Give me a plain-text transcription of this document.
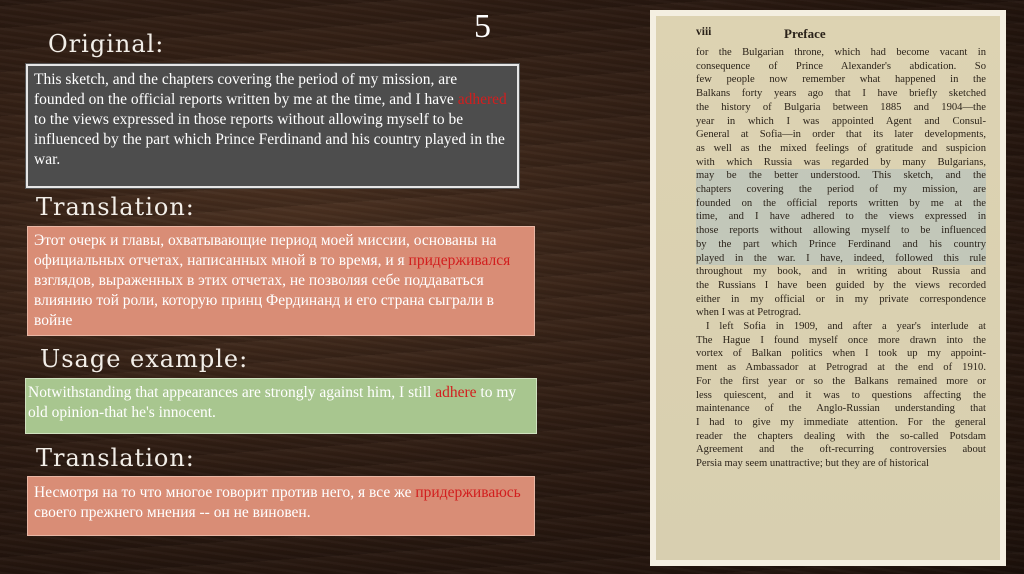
5
Original:
This sketch, and the chapters covering the period of my mission, are founded on the official reports written by me at the time, and I have adhered to the views expressed in those reports without allowing myself to be influenced by the part which Prince Ferdinand and his country played in the war.
Translation:
Этот очерк и главы, охватывающие период моей миссии, основаны на официальных отчетах, написанных мной в то время, и я придерживался взглядов, выраженных в этих отчетах, не позволяя себе поддаваться влиянию той роли, которую принц Фердинанд и его страна сыграли в войне
Usage example:
Notwithstanding that appearances are strongly against him, I still adhere to my old opinion-that he's innocent.
Translation:
Несмотря на то что многое говорит против него, я все же придерживаюсь своего прежнего мнения -- он не виновен.
viii	Preface
for the Bulgarian throne, which had become vacant in
consequence of Prince Alexander's abdication. So
few people now remember what happened in the
Balkans forty years ago that I have briefly sketched
the history of Bulgaria between 1885 and 1904—the
year in which I was appointed Agent and Consul-
General at Sofia—in order that its later developments,
as well as the mixed feelings of gratitude and suspicion
with which Russia was regarded by many Bulgarians,
may be the better understood. This sketch, and the
chapters covering the period of my mission, are
founded on the official reports written by me at the
time, and I have adhered to the views expressed in
those reports without allowing myself to be influenced
by the part which Prince Ferdinand and his country
played in the war. I have, indeed, followed this rule
throughout my book, and in writing about Russia and
the Russians I have been guided by the views recorded
either in my official or in my private correspondence
when I was at Petrograd.
I left Sofia in 1909, and after a year's interlude at
The Hague I found myself once more drawn into the
vortex of Balkan politics when I took up my appoint-
ment as Ambassador at Petrograd at the end of 1910.
For the first year or so the Balkans remained more or
less quiescent, and it was to questions affecting the
maintenance of the Anglo-Russian understanding that
I had to give my immediate attention. For the general
reader the chapters dealing with the so-called Potsdam
Agreement and the oft-recurring controversies about
Persia may seem unattractive; but they are of historical
